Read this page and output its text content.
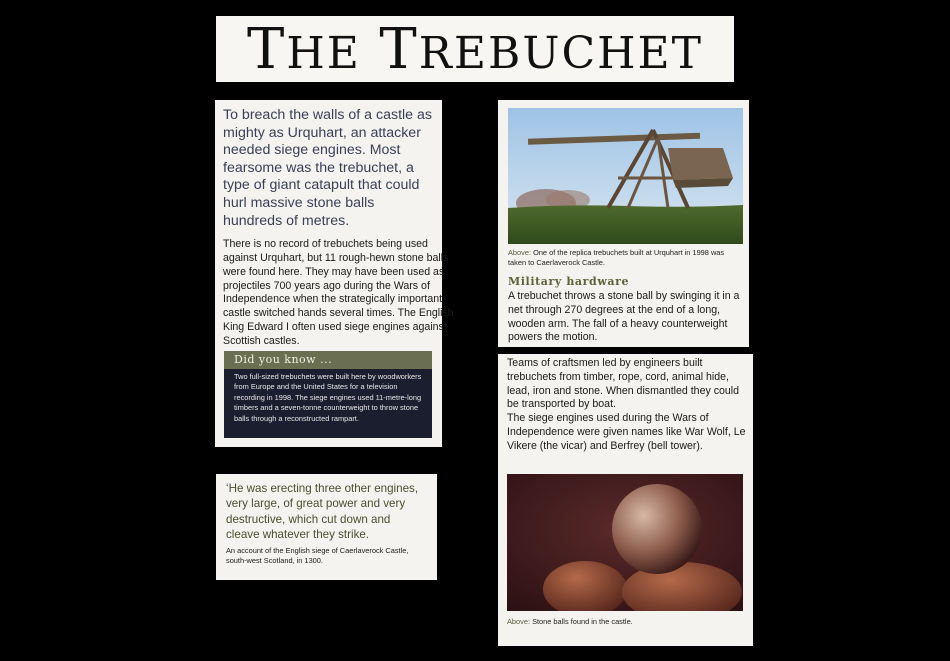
THE TREBUCHET

To breach the walls of a castle as mighty as Urquhart, an attacker needed siege engines. Most fearsome was the trebuchet, a type of giant catapult that could hurl massive stone balls hundreds of metres.

There is no record of trebuchets being used against Urquhart, but 11 rough-hewn stone balls were found here. They may have been used as projectiles 700 years ago during the Wars of Independence when the strategically important castle switched hands several times. The English King Edward I often used siege engines against Scottish castles.

Did you know ...

Two full-sized trebuchets were built here by woodworkers from Europe and the United States for a television recording in 1998. The siege engines used 11-metre-long timbers and a seven-tonne counterweight to throw stone balls through a reconstructed rampart.

‘He was erecting three other engines, very large, of great power and very destructive, which cut down and cleave whatever they strike.

An account of the English siege of Caerlaverock Castle, south-west Scotland, in 1300.

Above: One of the replica trebuchets built at Urquhart in 1998 was taken to Caerlaverock Castle.

Military hardware

A trebuchet throws a stone ball by swinging it in a net through 270 degrees at the end of a long, wooden arm. The fall of a heavy counterweight powers the motion.

Teams of craftsmen led by engineers built trebuchets from timber, rope, cord, animal hide, lead, iron and stone. When dismantled they could be transported by boat.

The siege engines used during the Wars of Independence were given names like War Wolf, Le Vikere (the vicar) and Berfrey (bell tower).

Above: Stone balls found in the castle.
